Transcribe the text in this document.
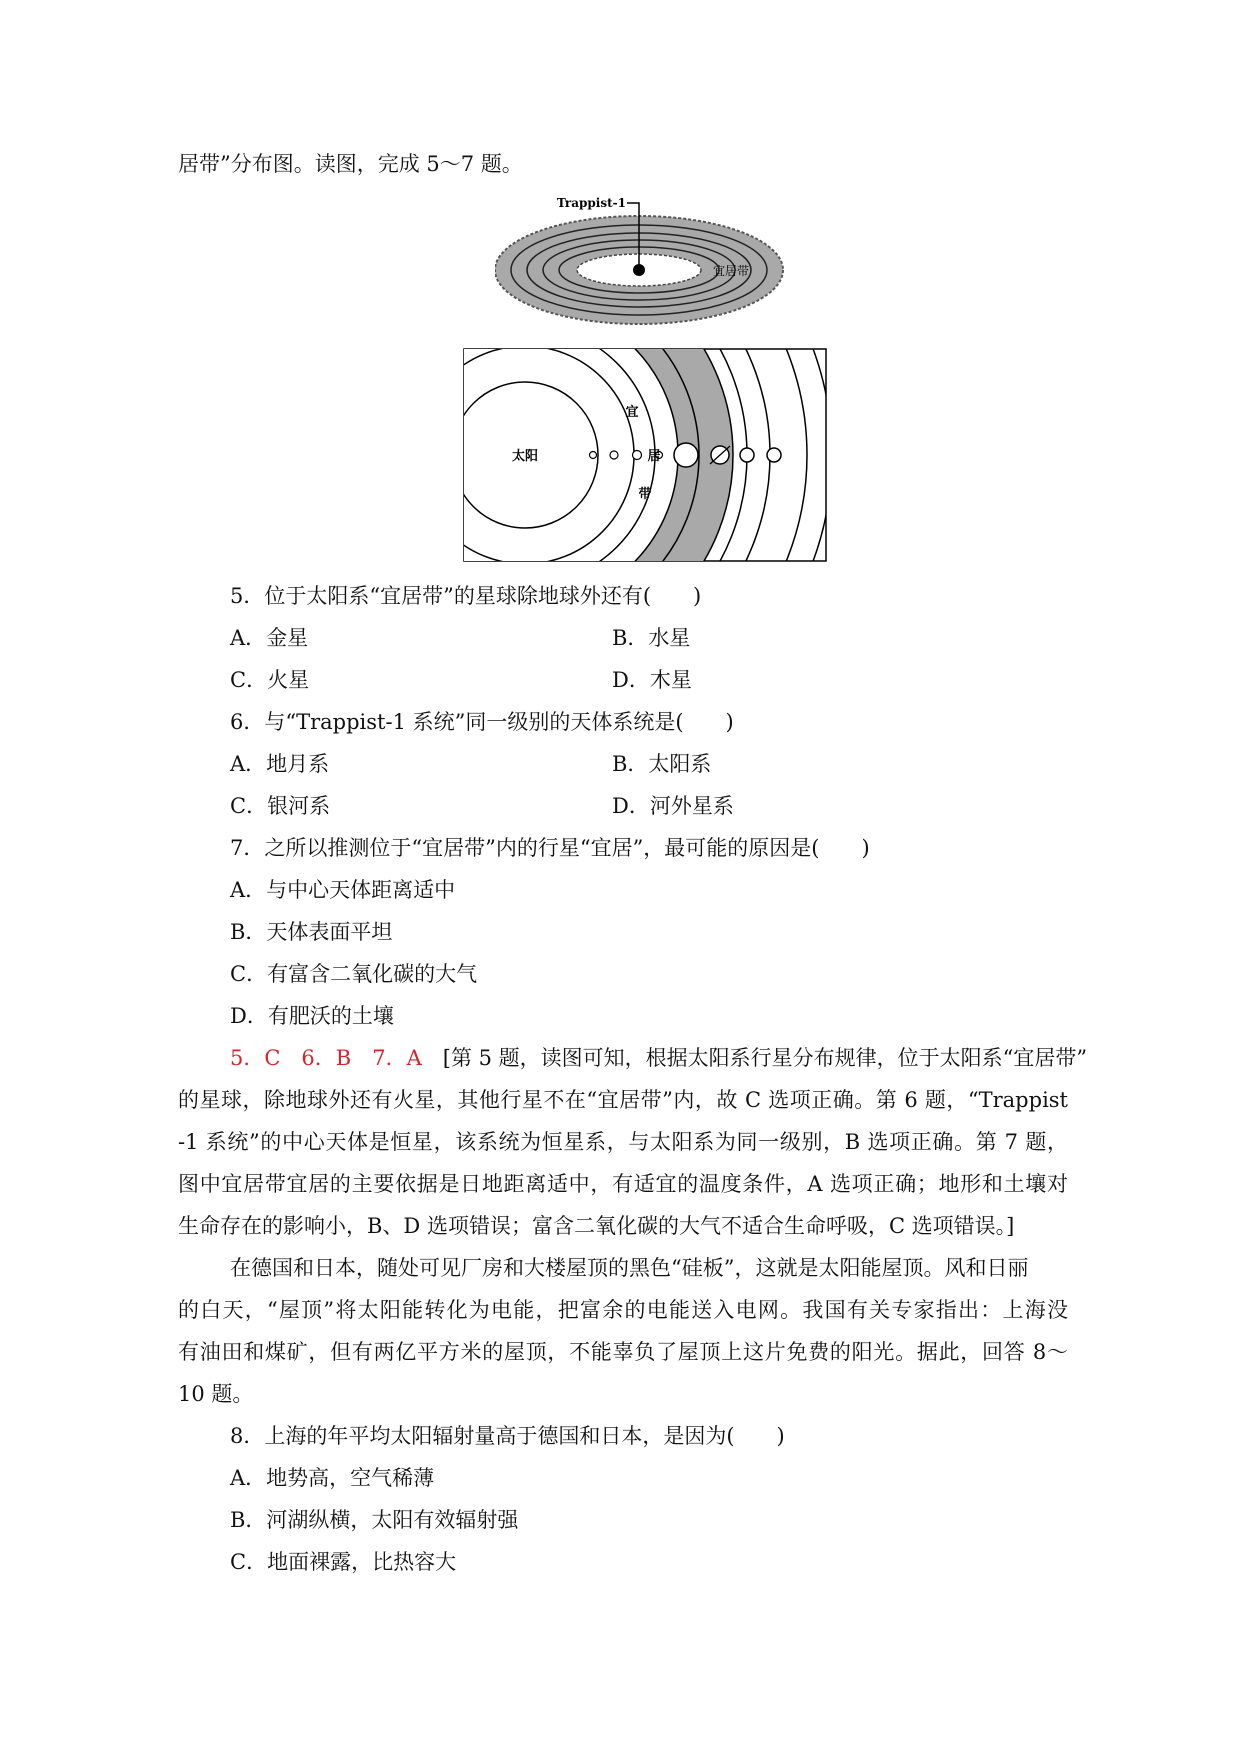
居带”分布图。读图，完成 5～7 题。
Trappist-1
宜居带
太阳
宜
居
带
5．位于太阳系“宜居带”的星球除地球外还有(　　)
A．金星	B．水星
C．火星	D．木星
6．与“Trappist-1 系统”同一级别的天体系统是(　　)
A．地月系	B．太阳系
C．银河系	D．河外星系
7．之所以推测位于“宜居带”内的行星“宜居”，最可能的原因是(　　)
A．与中心天体距离适中
B．天体表面平坦
C．有富含二氧化碳的大气
D．有肥沃的土壤
5．C　6．B　7．A　[第 5 题，读图可知，根据太阳系行星分布规律，位于太阳系“宜居带”
的星球，除地球外还有火星，其他行星不在“宜居带”内，故 C 选项正确。第 6 题，“Trappist
-1 系统”的中心天体是恒星，该系统为恒星系，与太阳系为同一级别，B 选项正确。第 7 题，
图中宜居带宜居的主要依据是日地距离适中，有适宜的温度条件，A 选项正确；地形和土壤对
生命存在的影响小，B、D 选项错误；富含二氧化碳的大气不适合生命呼吸，C 选项错误。]
在德国和日本，随处可见厂房和大楼屋顶的黑色“硅板”，这就是太阳能屋顶。风和日丽
的白天，“屋顶”将太阳能转化为电能，把富余的电能送入电网。我国有关专家指出：上海没
有油田和煤矿，但有两亿平方米的屋顶，不能辜负了屋顶上这片免费的阳光。据此，回答 8～
10 题。
8．上海的年平均太阳辐射量高于德国和日本，是因为(　　)
A．地势高，空气稀薄
B．河湖纵横，太阳有效辐射强
C．地面裸露，比热容大
